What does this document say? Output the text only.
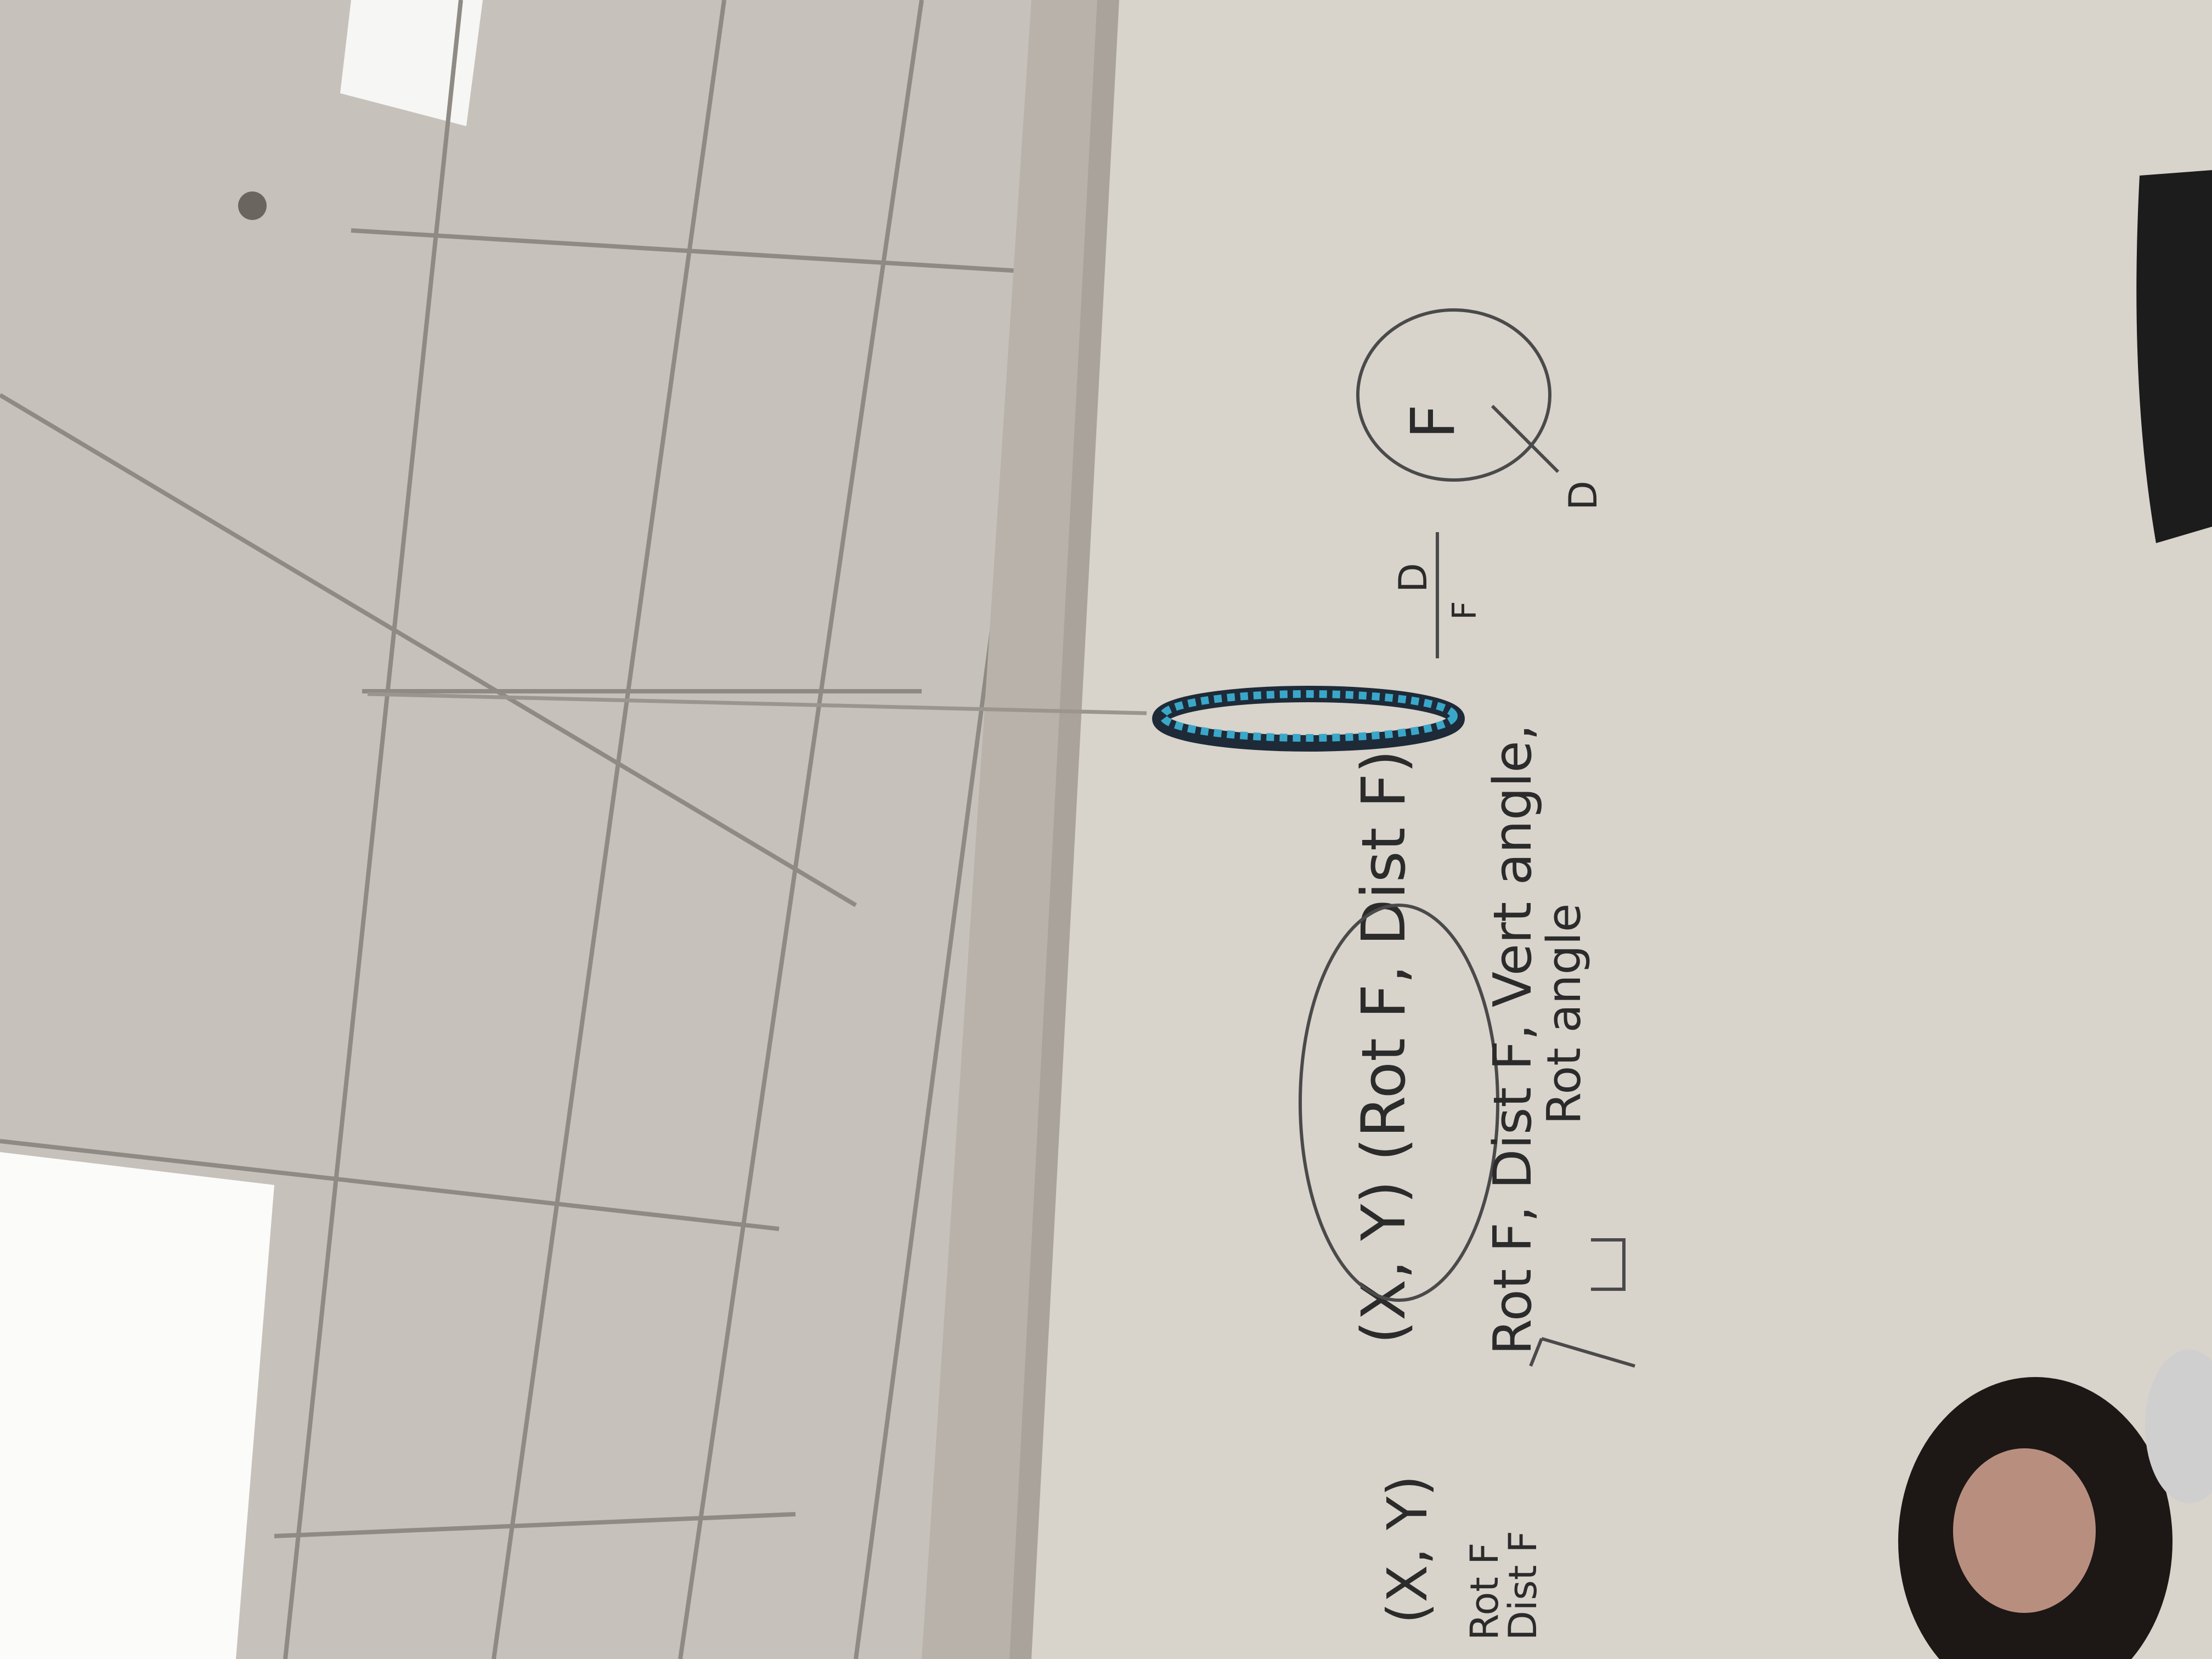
(X, Y) (Rot F, Dist F) Rot F, Dist F, Vert angle,
Rot angle
F
D
D
F
(X, Y) Rot F
Dist F
